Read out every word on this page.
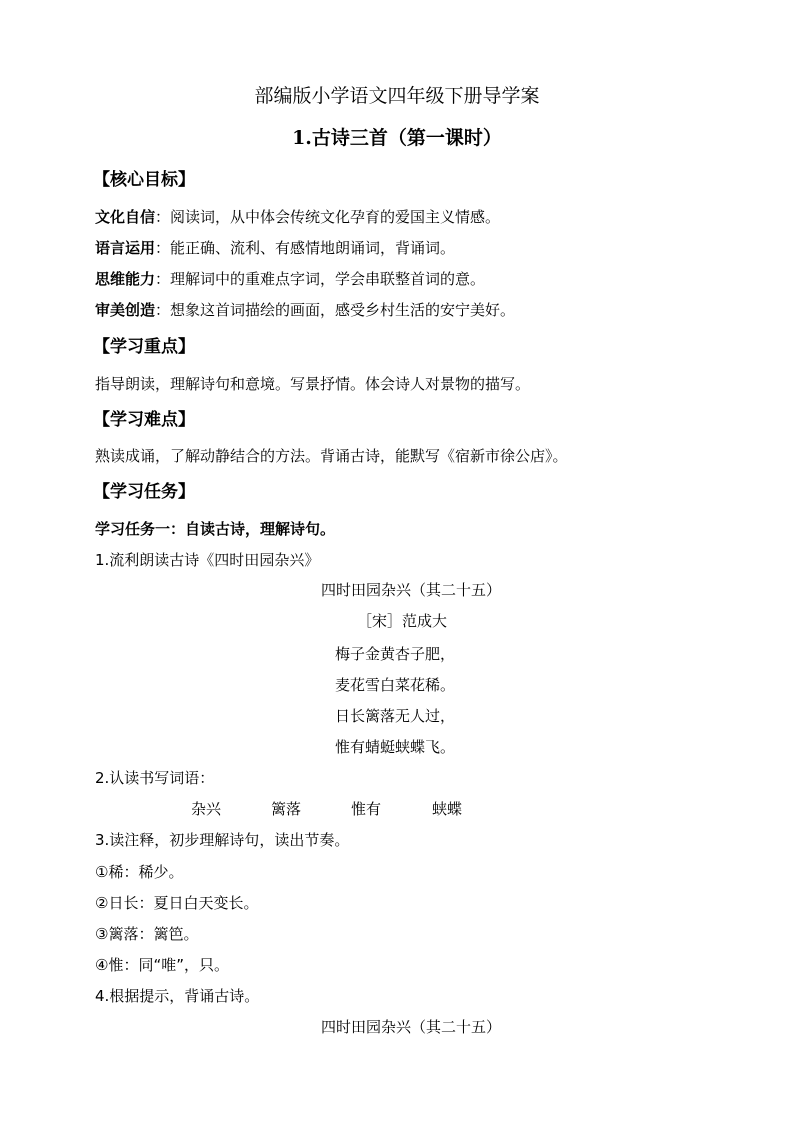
部编版小学语文四年级下册导学案
1.古诗三首（第一课时）
【核心目标】
文化自信：阅读词，从中体会传统文化孕育的爱国主义情感。
语言运用：能正确、流利、有感情地朗诵词，背诵词。
思维能力：理解词中的重难点字词，学会串联整首词的意。
审美创造：想象这首词描绘的画面，感受乡村生活的安宁美好。
【学习重点】
指导朗读，理解诗句和意境。写景抒情。体会诗人对景物的描写。
【学习难点】
熟读成诵，了解动静结合的方法。背诵古诗，能默写《宿新市徐公店》。
【学习任务】
学习任务一：自读古诗，理解诗句。
1.流利朗读古诗《四时田园杂兴》
四时田园杂兴（其二十五）
［宋］范成大
梅子金黄杏子肥，
麦花雪白菜花稀。
日长篱落无人过，
惟有蜻蜓蛱蝶飞。
2.认读书写词语：
杂兴	篱落	惟有	蛱蝶
3.读注释，初步理解诗句，读出节奏。
①稀：稀少。
②日长：夏日白天变长。
③篱落：篱笆。
④惟：同“唯”，只。
4.根据提示，背诵古诗。
四时田园杂兴（其二十五）
